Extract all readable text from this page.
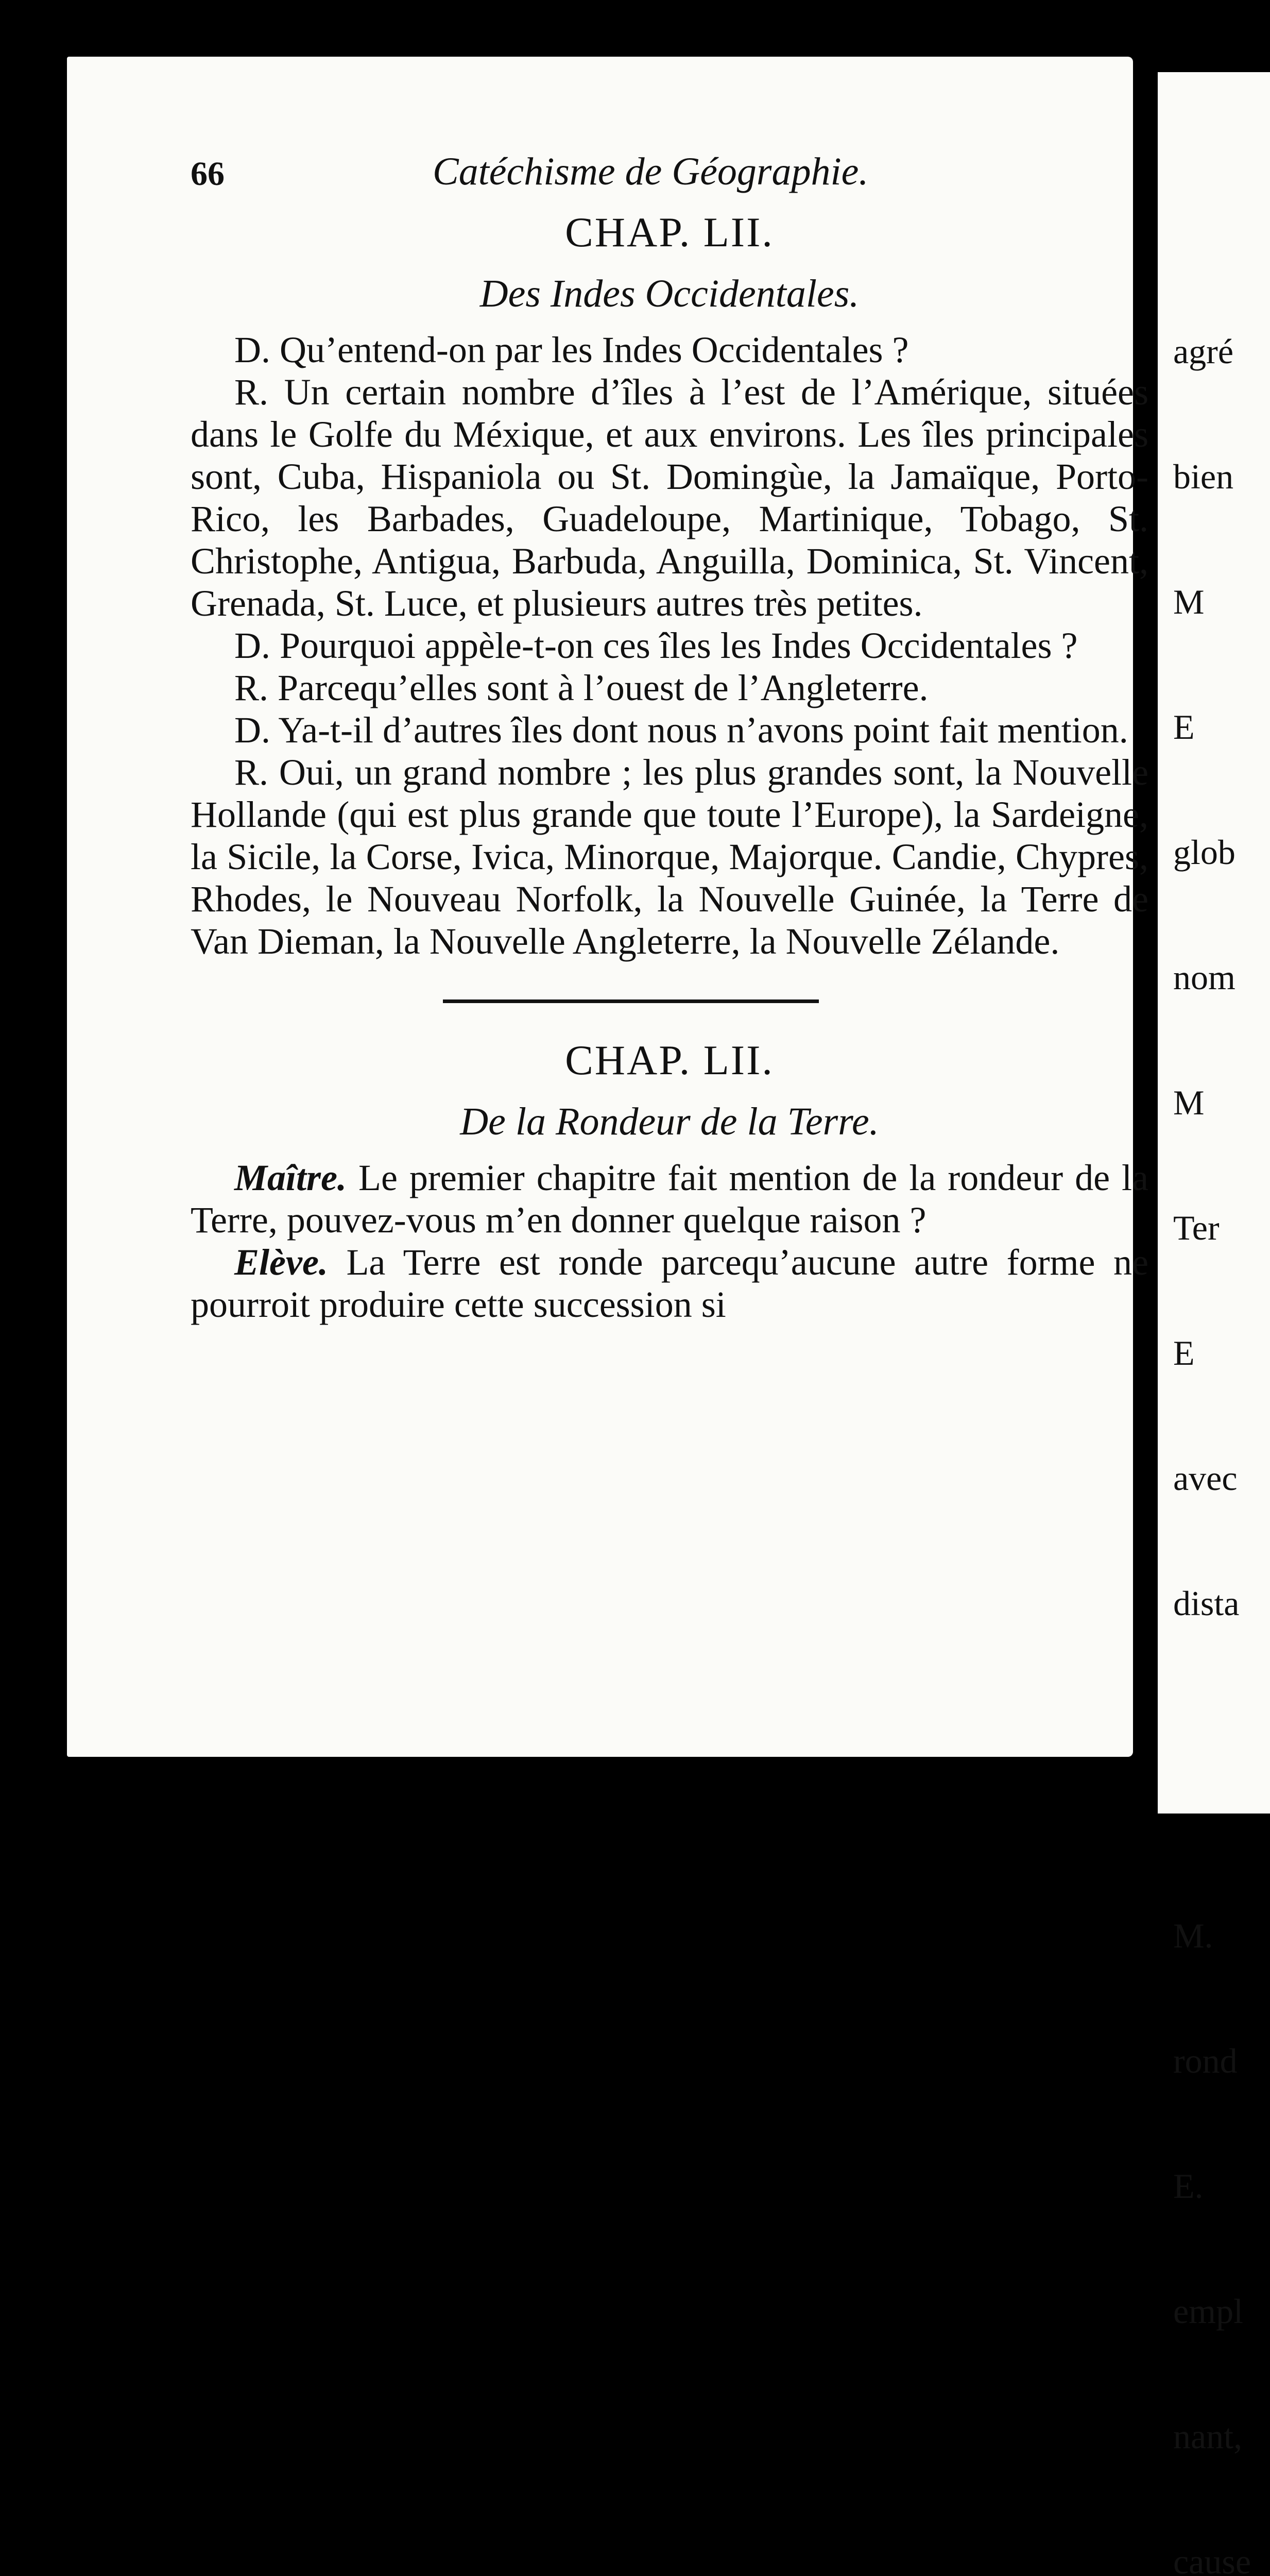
66	Catéchisme de Géographie.
CHAP. LII.
Des Indes Occidentales.

D. Qu’entend-on par les Indes Occidentales ?

R. Un certain nombre d’îles à l’est de l’Amérique, situées dans le Golfe du Méxique, et aux environs. Les îles principales sont, Cuba, Hispaniola ou St. Domingùe, la Jamaïque, Porto-Rico, les Barbades, Guadeloupe, Martinique, Tobago, St. Christophe, Antigua, Barbuda, Anguilla, Dominica, St. Vincent, Grenada, St. Luce, et plusieurs autres très petites.

D. Pourquoi appèle-t-on ces îles les Indes Occidentales ?

R. Parcequ’elles sont à l’ouest de l’Angleterre.

D. Ya-t-il d’autres îles dont nous n’avons point fait mention.

R. Oui, un grand nombre ; les plus grandes sont, la Nouvelle Hollande (qui est plus grande que toute l’Europe), la Sardeigne, la Sicile, la Corse, Ivica, Minorque, Majorque. Candie, Chypres, Rhodes, le Nouveau Norfolk, la Nouvelle Guinée, la Terre de Van Dieman, la Nouvelle Angleterre, la Nouvelle Zélande.

CHAP. LII.
De la Rondeur de la Terre.

Maître. Le premier chapitre fait mention de la rondeur de la Terre, pouvez-vous m’en donner quelque raison ?

Elève. La Terre est ronde parcequ’aucune autre forme ne pourroit produire cette succession si

agré

bien

M

E

glob

nom

M

Ter

E

avec

dista

M.

rond

E.

empl

nant,

cause
